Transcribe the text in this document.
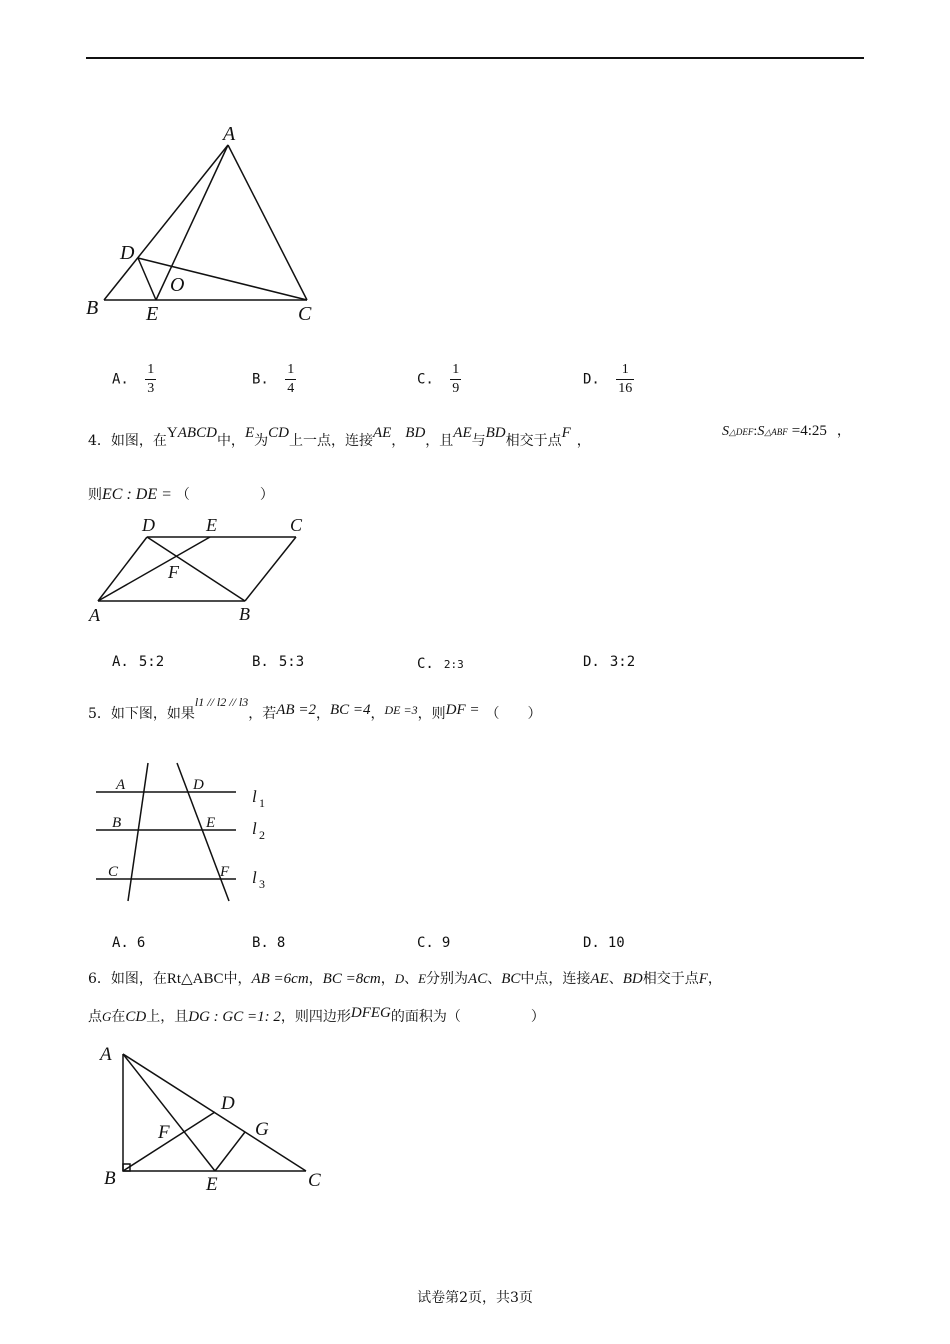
A
D
O
B E	C
A. $\frac{1}{3}$	B. $\frac{1}{4}$	C. $\frac{1}{9}$	D. $\frac{1}{16}$
4．如图，在YABCD中，E为CD上一点，连接AE，BD，且AE与BD相交于点F ，
S△DEF:S△ABF =4:25 ，
则EC : DE = （　　　　　）
D	E	C
F
A	B
A. 5:2	B. 5:3	C. 2:3	D. 3:2
5．如下图，如果l1 // l2 // l3，若AB =2，BC =4，DE =3，则DF = （　　）
A	D
B	E
C	F
l 1
l 2
l 3
A. 6	B. 8	C. 9	D. 10
6．如图，在Rt△ABC中，AB =6cm，BC =8cm，D、E分别为AC、BC中点，连接AE、BD相交于点F，
点G在CD上，且DG : GC =1: 2，则四边形DFEG的面积为（　　　　　）
A
D
G
F
B	E	C
试卷第2页，共3页
